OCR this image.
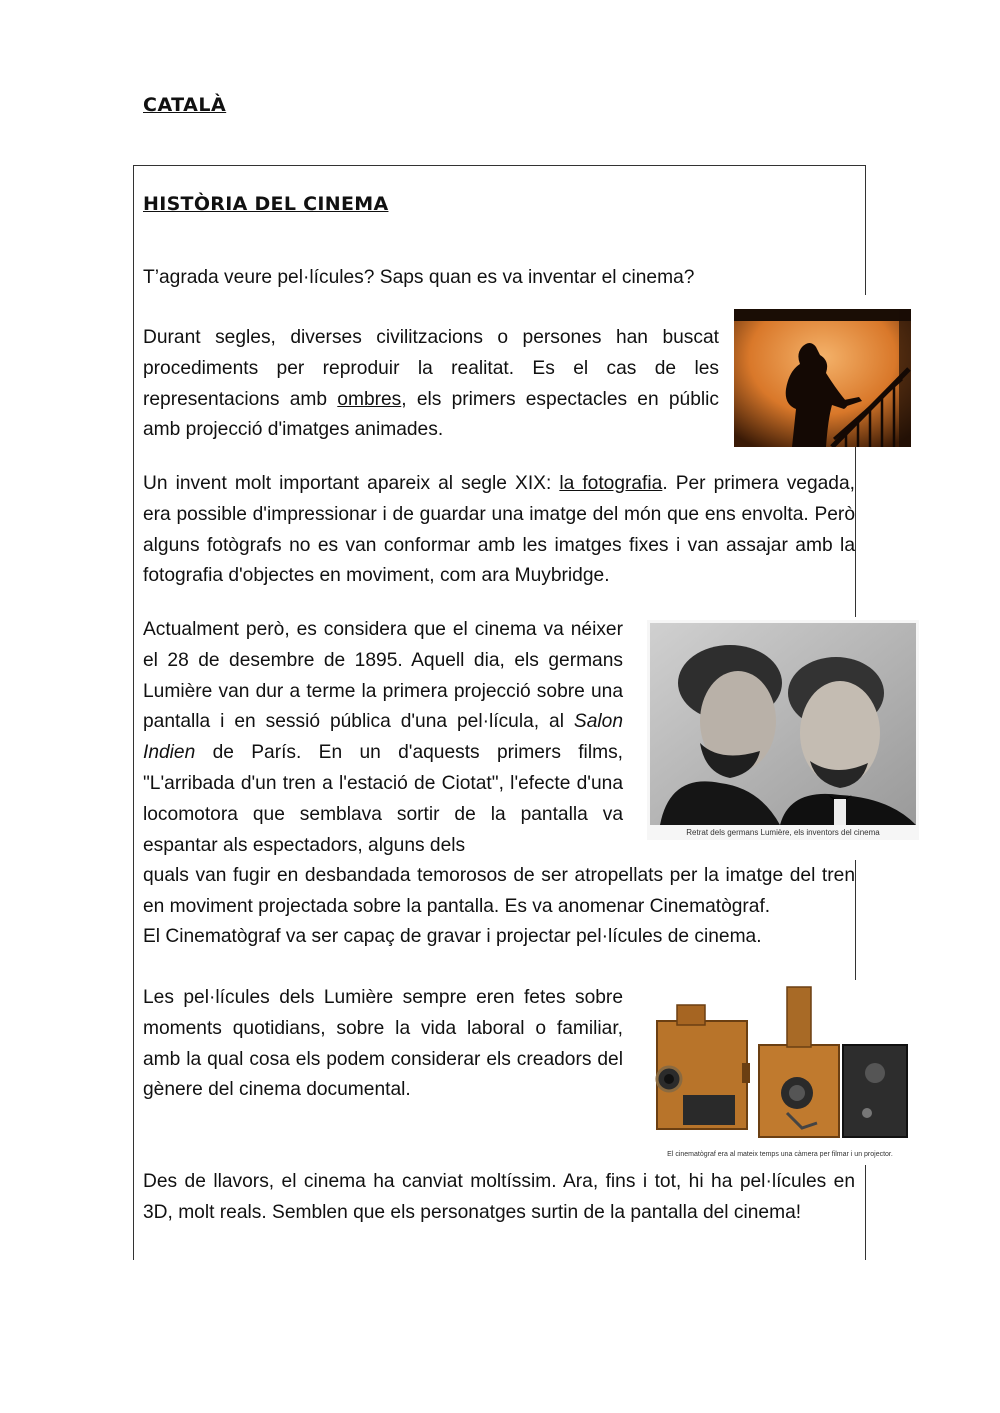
CATALÀ
HISTÒRIA DEL CINEMA

T’agrada veure pel·lícules? Saps quan es va inventar el cinema?

Durant segles, diverses civilitzacions o persones han buscat procediments per reproduir la realitat. Es el cas de les representacions amb ombres, els primers espectacles en públic amb projecció d'imatges animades.

Un invent molt important apareix al segle XIX: la fotografia. Per primera vegada, era possible d'impressionar i de guardar una imatge del món que ens envolta. Però alguns fotògrafs no es van conformar amb les imatges fixes i van assajar amb la fotografia d'objectes en moviment, com ara Muybridge.

Actualment però, es considera que el cinema va néixer el 28 de desembre de 1895. Aquell dia, els germans Lumière van dur a terme la primera projecció sobre una pantalla i en sessió pública d'una pel·lícula, al Salon Indien de París. En un d'aquests primers films, "L'arribada d'un tren a l'estació de Ciotat", l'efecte d'una locomotora que semblava sortir de la pantalla va espantar als espectadors, alguns dels

quals van fugir en desbandada temorosos de ser atropellats per la imatge del tren en moviment projectada sobre la pantalla. Es va anomenar Cinematògraf.

El Cinematògraf va ser capaç de gravar i projectar pel·lícules de cinema.

Retrat dels germans Lumière, els inventors del cinema

Les pel·lícules dels Lumière sempre eren fetes sobre moments quotidians, sobre la vida laboral o familiar, amb la qual cosa els podem considerar els creadors del gènere del cinema documental.

El cinematògraf era al mateix temps una càmera per filmar i un projector.

Des de llavors, el cinema ha canviat moltíssim. Ara, fins i tot, hi ha pel·lícules en 3D, molt reals. Semblen que els personatges surtin de la pantalla del cinema!
